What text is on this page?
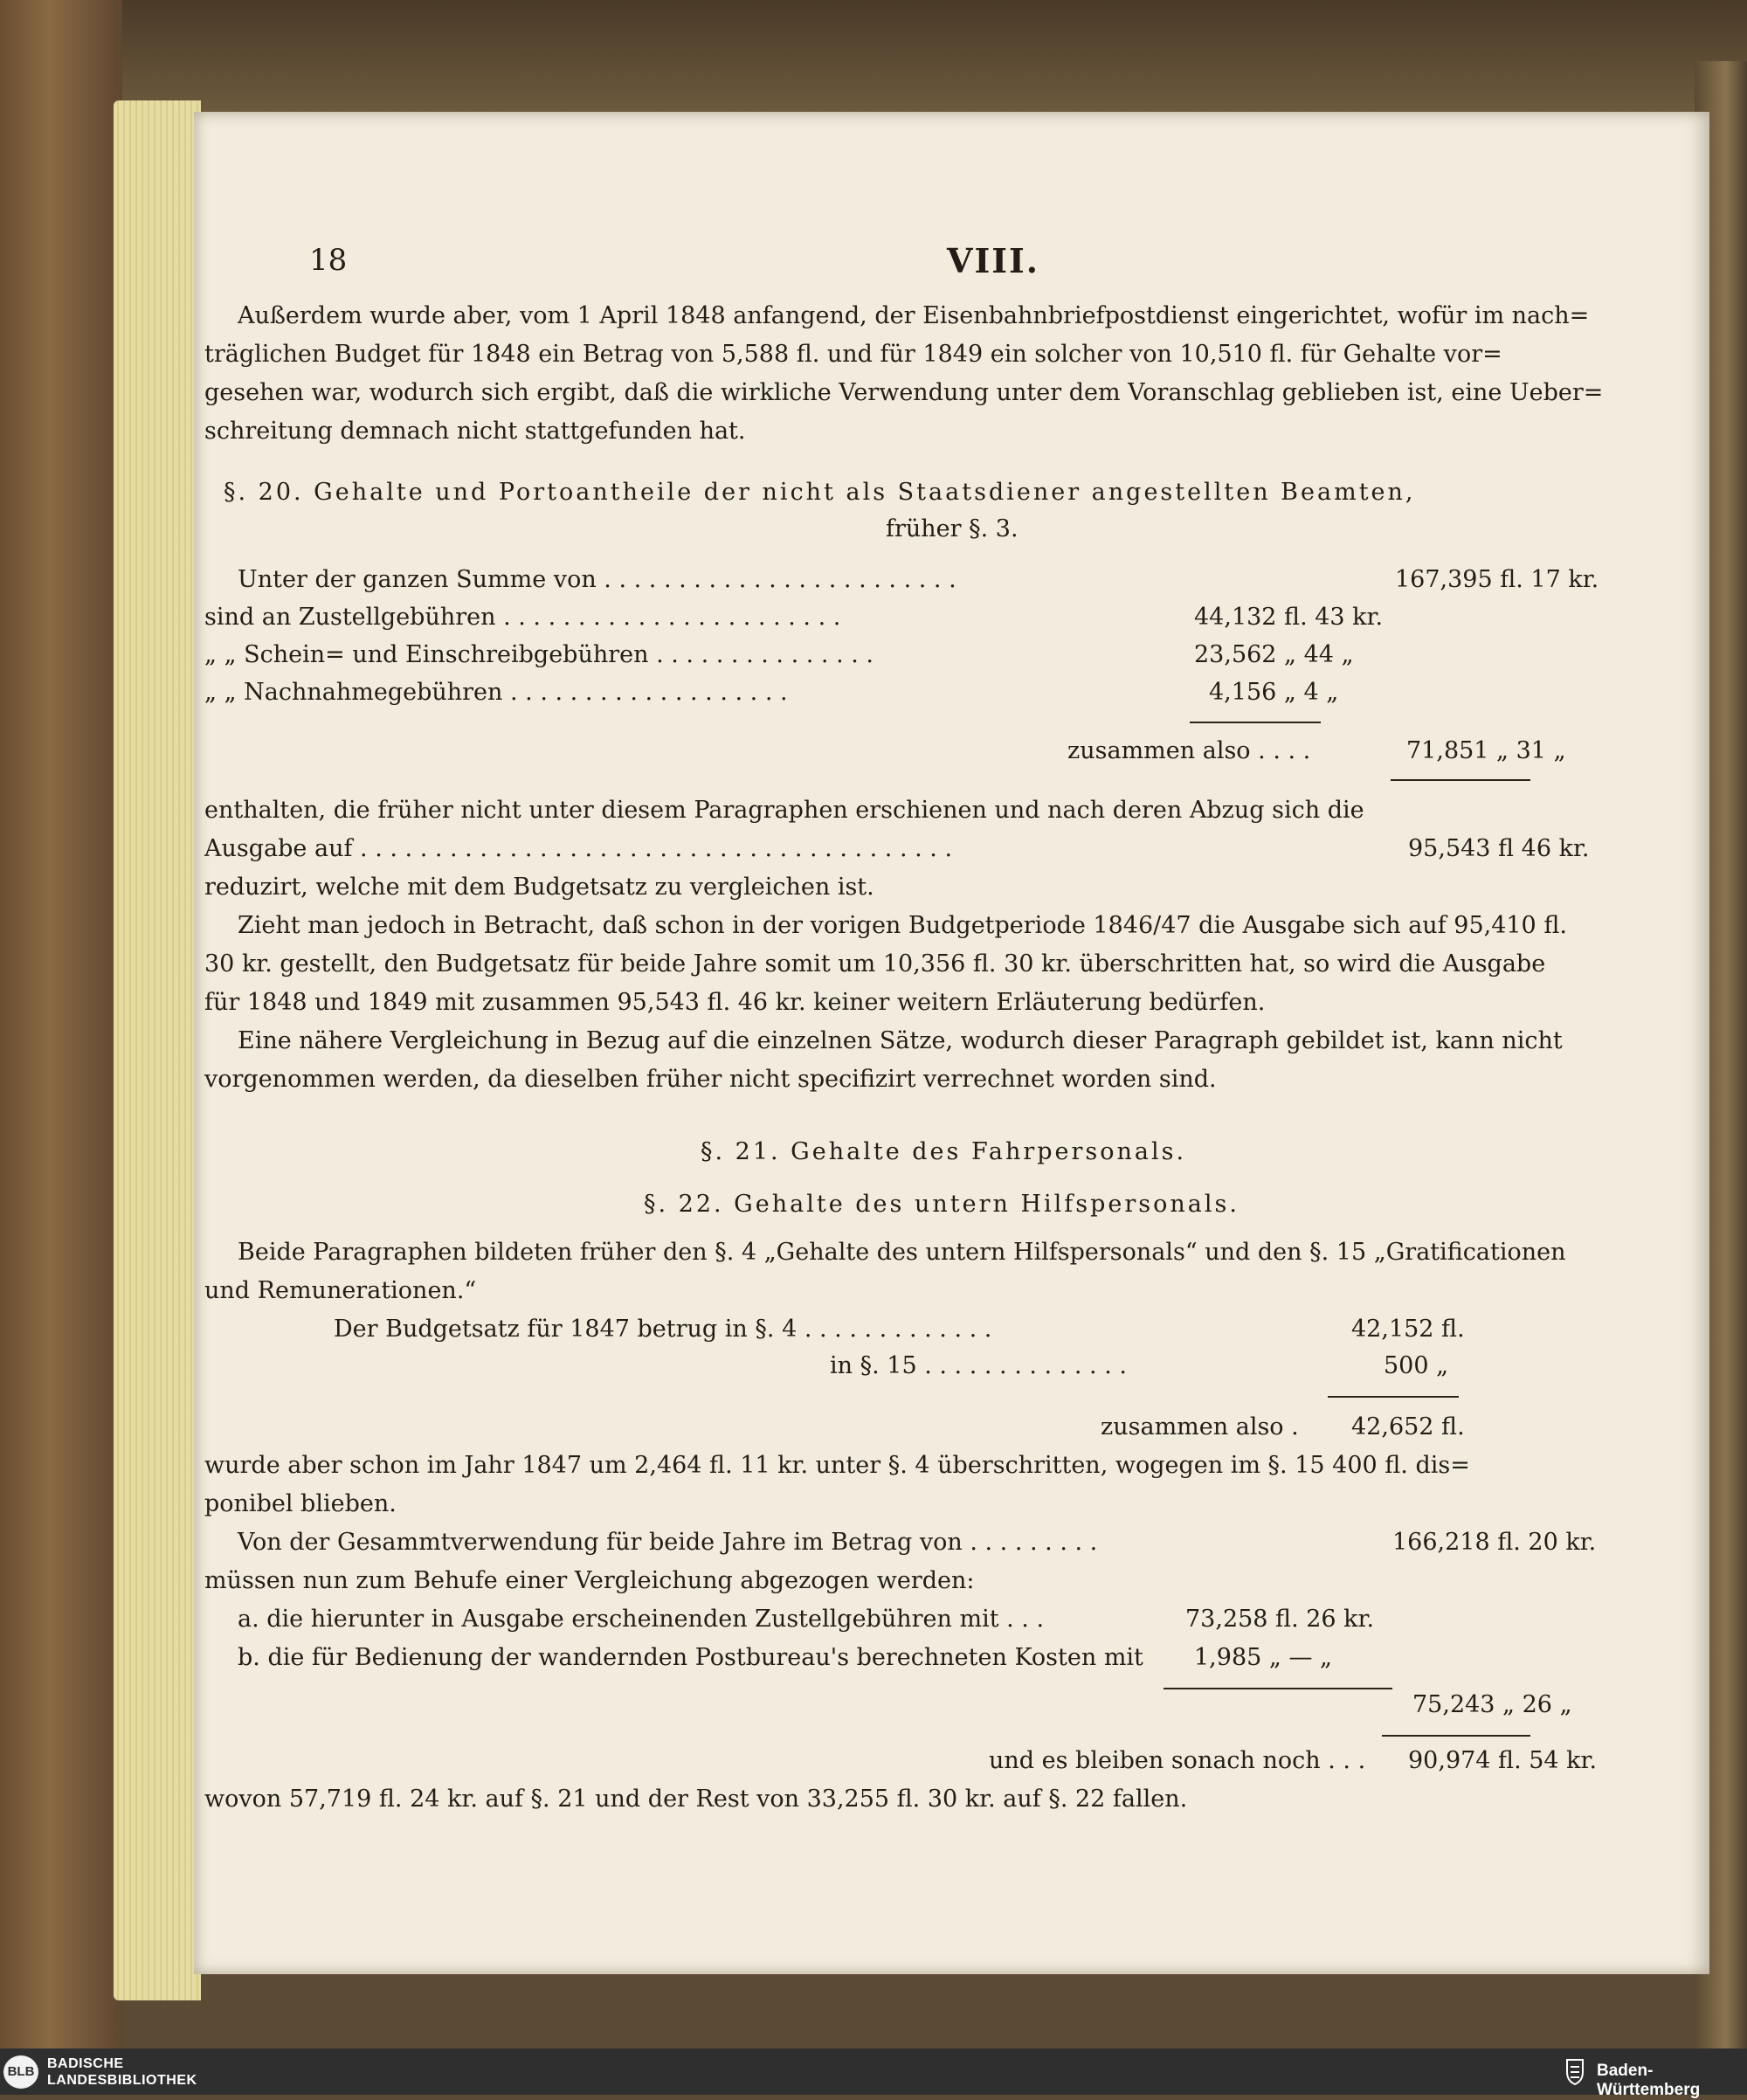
18	VIII.
Außerdem wurde aber, vom 1 April 1848 anfangend, der Eisenbahnbriefpostdienst eingerichtet, wofür im nach=
träglichen Budget für 1848 ein Betrag von 5,588 fl. und für 1849 ein solcher von 10,510 fl. für Gehalte vor=
gesehen war, wodurch sich ergibt, daß die wirkliche Verwendung unter dem Voranschlag geblieben ist, eine Ueber=
schreitung demnach nicht stattgefunden hat.
§. 20. Gehalte und Portoantheile der nicht als Staatsdiener angestellten Beamten,
früher §. 3.
Unter der ganzen Summe von . . . . . . . . . . . . . . . . . . . . . . . .	167,395 fl. 17 kr.
sind an Zustellgebühren . . . . . . . . . . . . . . . . . . . . . . .	44,132 fl. 43 kr.
„ „ Schein= und Einschreibgebühren . . . . . . . . . . . . . . .	23,562 „ 44 „
„ „ Nachnahmegebühren . . . . . . . . . . . . . . . . . . .	4,156 „ 4 „
zusammen also . . . .	71,851 „ 31 „
enthalten, die früher nicht unter diesem Paragraphen erschienen und nach deren Abzug sich die
Ausgabe auf . . . . . . . . . . . . . . . . . . . . . . . . . . . . . . . . . . . . . . . .	95,543 fl 46 kr.
reduzirt, welche mit dem Budgetsatz zu vergleichen ist.
Zieht man jedoch in Betracht, daß schon in der vorigen Budgetperiode 1846/47 die Ausgabe sich auf 95,410 fl.
30 kr. gestellt, den Budgetsatz für beide Jahre somit um 10,356 fl. 30 kr. überschritten hat, so wird die Ausgabe
für 1848 und 1849 mit zusammen 95,543 fl. 46 kr. keiner weitern Erläuterung bedürfen.
Eine nähere Vergleichung in Bezug auf die einzelnen Sätze, wodurch dieser Paragraph gebildet ist, kann nicht
vorgenommen werden, da dieselben früher nicht specifizirt verrechnet worden sind.
§. 21. Gehalte des Fahrpersonals.
§. 22. Gehalte des untern Hilfspersonals.
Beide Paragraphen bildeten früher den §. 4 „Gehalte des untern Hilfspersonals“ und den §. 15 „Gratificationen
und Remunerationen.“
Der Budgetsatz für 1847 betrug in §. 4 . . . . . . . . . . . . .	42,152 fl.
in §. 15 . . . . . . . . . . . . . .	500 „
zusammen also . 42,652 fl.
wurde aber schon im Jahr 1847 um 2,464 fl. 11 kr. unter §. 4 überschritten, wogegen im §. 15 400 fl. dis=
ponibel blieben.
Von der Gesammtverwendung für beide Jahre im Betrag von . . . . . . . . .	166,218 fl. 20 kr.
müssen nun zum Behufe einer Vergleichung abgezogen werden:
a. die hierunter in Ausgabe erscheinenden Zustellgebühren mit . . .	73,258 fl. 26 kr.
b. die für Bedienung der wandernden Postbureau's berechneten Kosten mit 1,985 „ — „
75,243 „ 26 „
und es bleiben sonach noch . . . 90,974 fl. 54 kr.
wovon 57,719 fl. 24 kr. auf §. 21 und der Rest von 33,255 fl. 30 kr. auf §. 22 fallen.
BLB
BADISCHE
LANDESBIBLIOTHEK
Baden-Württemberg
